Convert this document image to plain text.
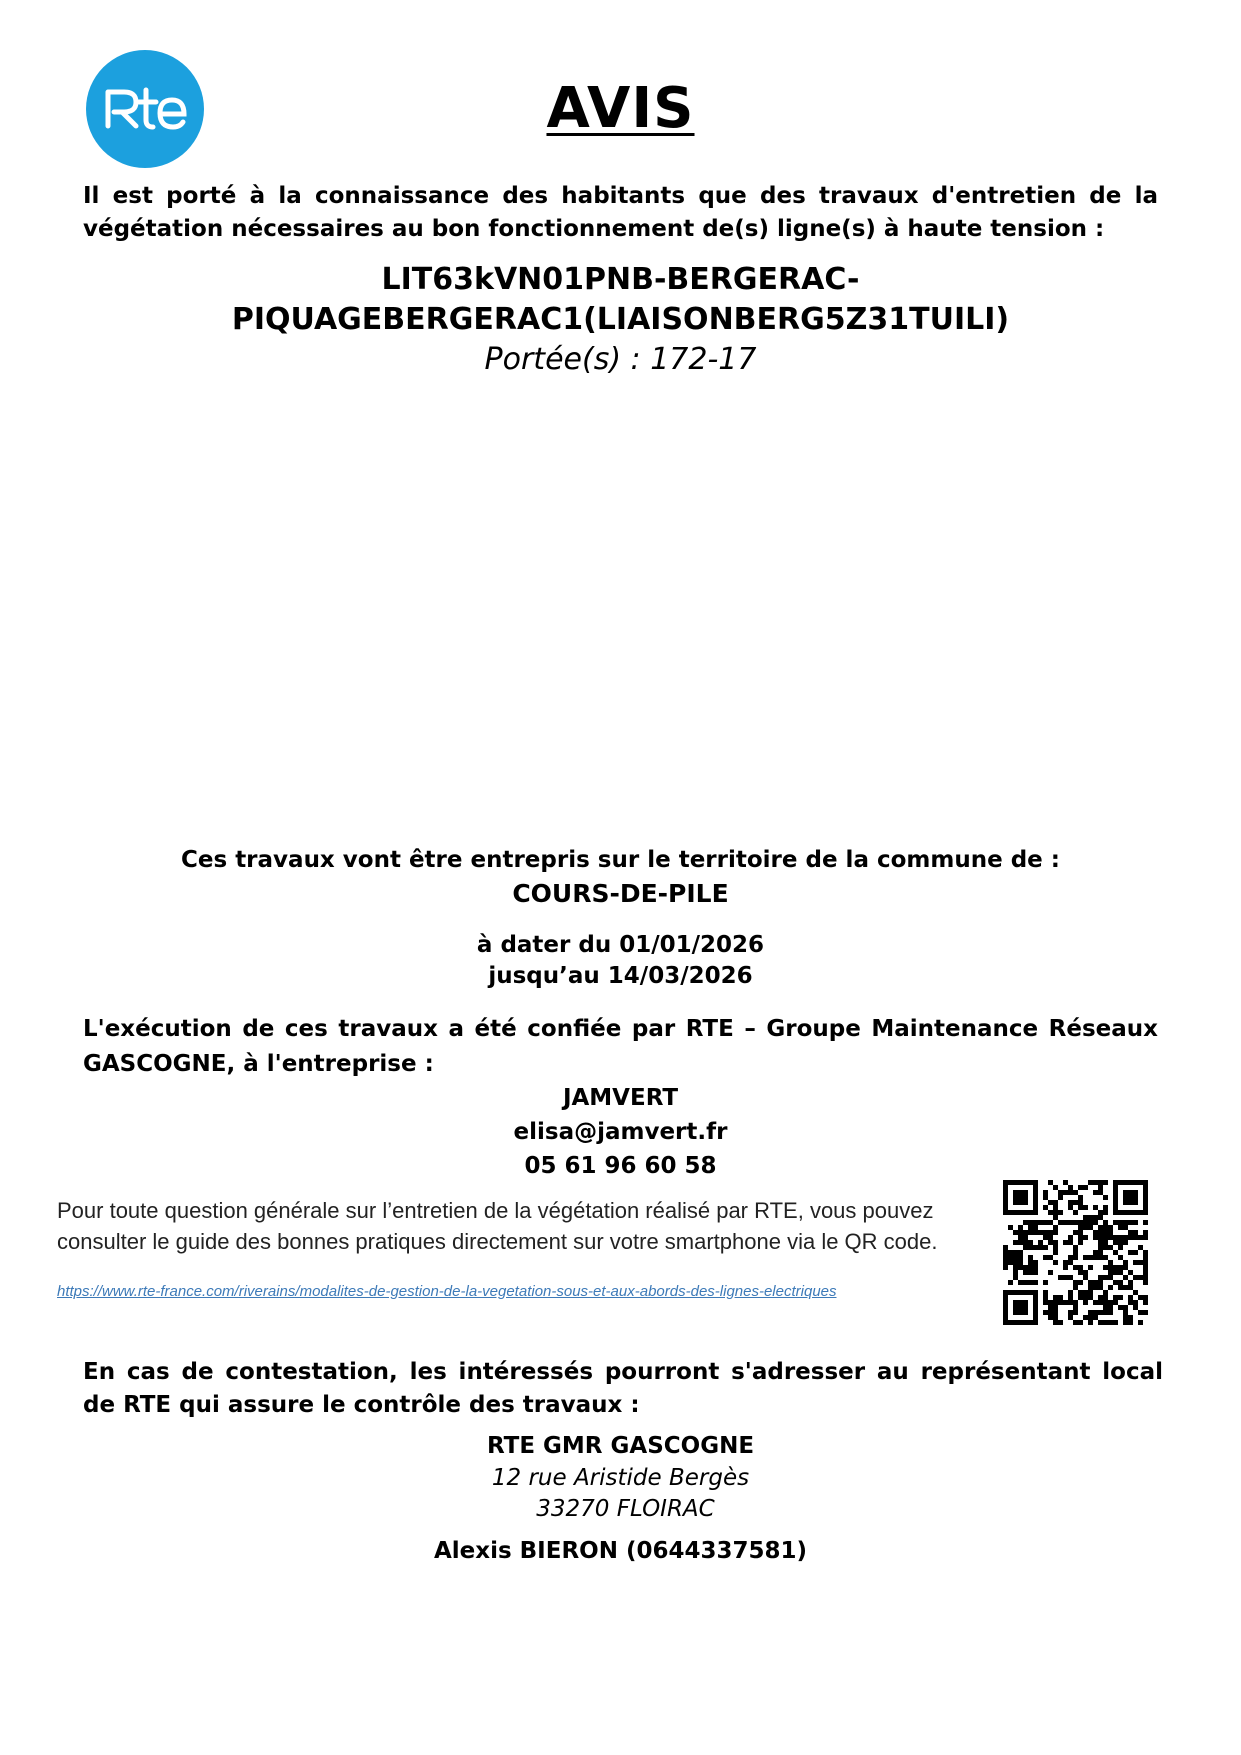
AVIS
Il est porté à la connaissance des habitants que des travaux d'entretien de la végétation nécessaires au bon fonctionnement de(s) ligne(s) à haute tension :
LIT63kVN01PNB-BERGERAC-
PIQUAGEBERGERAC1(LIAISONBERG5Z31TUILI)
Portée(s) : 172-17
Ces travaux vont être entrepris sur le territoire de la commune de :
COURS-DE-PILE
à dater du 01/01/2026
jusqu’au 14/03/2026
L'exécution de ces travaux a été confiée par RTE – Groupe Maintenance Réseaux GASCOGNE, à l'entreprise :
JAMVERT
elisa@jamvert.fr
05 61 96 60 58
Pour toute question générale sur l’entretien de la végétation réalisé par RTE, vous pouvez
consulter le guide des bonnes pratiques directement sur votre smartphone via le QR code.
https://www.rte-france.com/riverains/modalites-de-gestion-de-la-vegetation-sous-et-aux-abords-des-lignes-electriques
En cas de contestation, les intéressés pourront s'adresser au représentant local de RTE qui assure le contrôle des travaux :
RTE GMR GASCOGNE
12 rue Aristide Bergès
33270 FLOIRAC
Alexis BIERON (0644337581)
